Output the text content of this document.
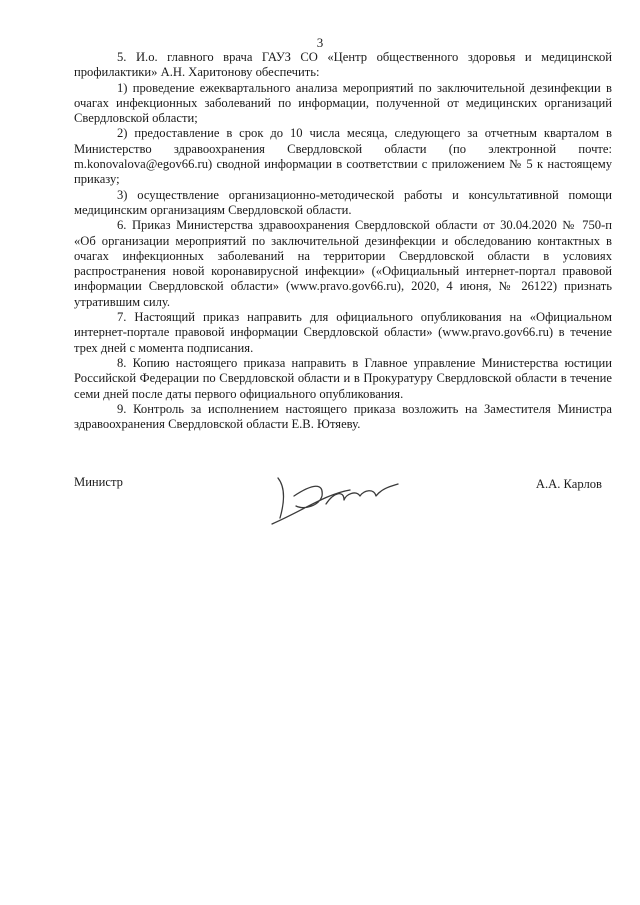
3

5. И.о. главного врача ГАУЗ СО «Центр общественного здоровья и медицинской профилактики» А.Н. Харитонову обеспечить:

1) проведение ежеквартального анализа мероприятий по заключительной дезинфекции в очагах инфекционных заболеваний по информации, полученной от медицинских организаций Свердловской области;

2) предоставление в срок до 10 числа месяца, следующего за отчетным кварталом в Министерство здравоохранения Свердловской области (по электронной почте: m.konovalova@egov66.ru) сводной информации в соответствии с приложением № 5 к настоящему приказу;

3) осуществление организационно-методической работы и консультативной помощи медицинским организациям Свердловской области.

6. Приказ Министерства здравоохранения Свердловской области от 30.04.2020 № 750-п «Об организации мероприятий по заключительной дезинфекции и обследованию контактных в очагах инфекционных заболеваний на территории Свердловской области в условиях распространения новой коронавирусной инфекции» («Официальный интернет-портал правовой информации Свердловской области» (www.pravo.gov66.ru), 2020, 4 июня, № 26122) признать утратившим силу.

7. Настоящий приказ направить для официального опубликования на «Официальном интернет-портале правовой информации Свердловской области» (www.pravo.gov66.ru) в течение трех дней с момента подписания.

8. Копию настоящего приказа направить в Главное управление Министерства юстиции Российской Федерации по Свердловской области и в Прокуратуру Свердловской области в течение семи дней после даты первого официального опубликования.

9. Контроль за исполнением настоящего приказа возложить на Заместителя Министра здравоохранения Свердловской области Е.В. Ютяеву.

Министр	А.А. Карлов
